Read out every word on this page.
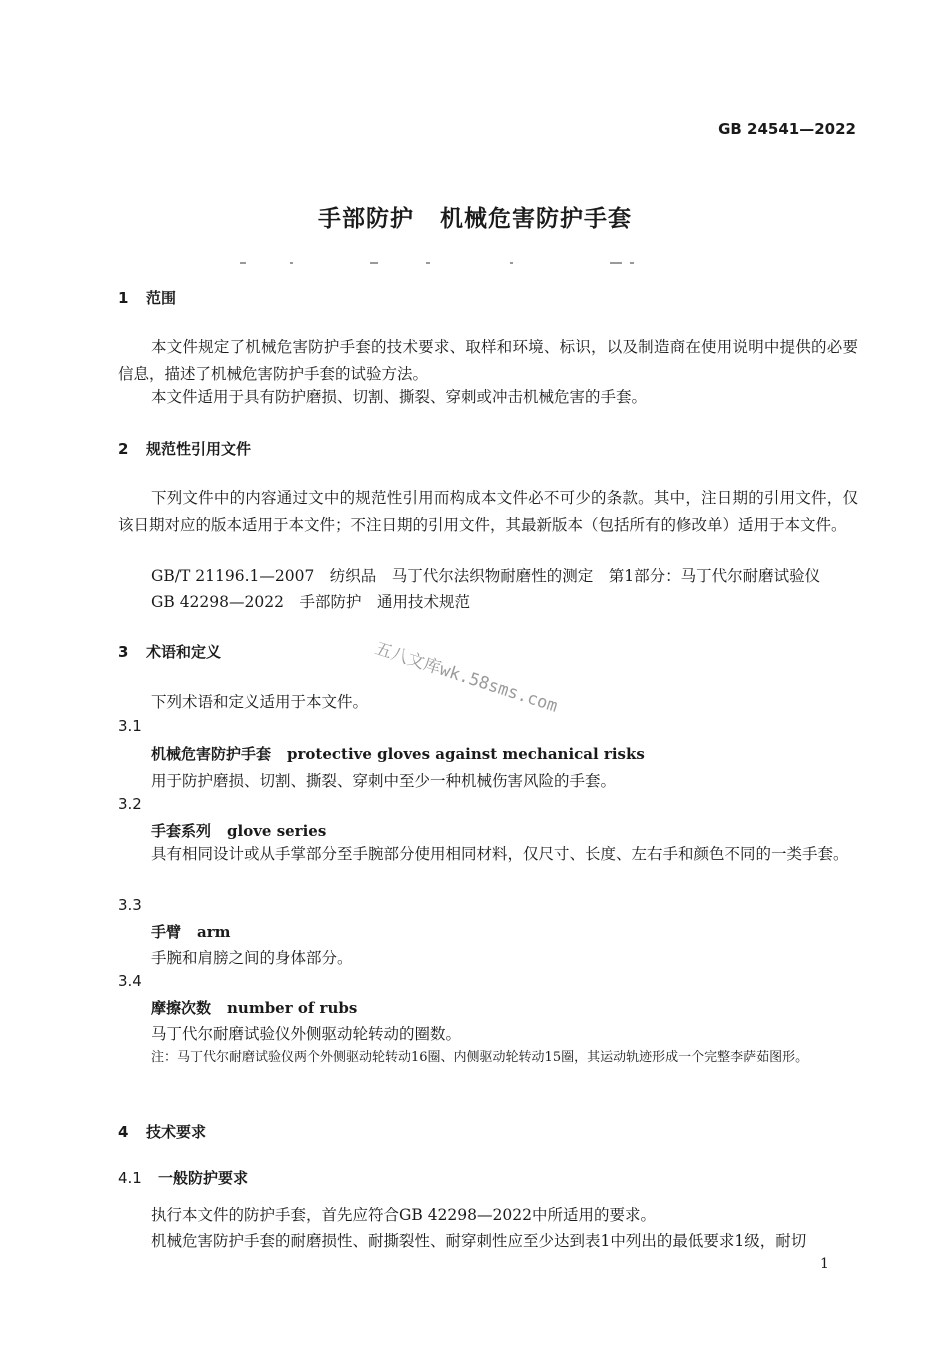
GB 24541—2022
手部防护 机械危害防护手套
1 范围
本文件规定了机械危害防护手套的技术要求、取样和环境、标识，以及制造商在使用说明中提供的必要信息，描述了机械危害防护手套的试验方法。
本文件适用于具有防护磨损、切割、撕裂、穿刺或冲击机械危害的手套。
2 规范性引用文件
下列文件中的内容通过文中的规范性引用而构成本文件必不可少的条款。其中，注日期的引用文件，仅该日期对应的版本适用于本文件；不注日期的引用文件，其最新版本（包括所有的修改单）适用于本文件。
GB/T 21196.1—2007　纺织品　马丁代尔法织物耐磨性的测定　第1部分：马丁代尔耐磨试验仪
GB 42298—2022　手部防护　通用技术规范
3 术语和定义
下列术语和定义适用于本文件。
3.1
机械危害防护手套 protective gloves against mechanical risks
用于防护磨损、切割、撕裂、穿刺中至少一种机械伤害风险的手套。
3.2
手套系列 glove series
具有相同设计或从手掌部分至手腕部分使用相同材料，仅尺寸、长度、左右手和颜色不同的一类手套。
3.3
手臂 arm
手腕和肩膀之间的身体部分。
3.4
摩擦次数 number of rubs
马丁代尔耐磨试验仪外侧驱动轮转动的圈数。
注：马丁代尔耐磨试验仪两个外侧驱动轮转动16圈、内侧驱动轮转动15圈，其运动轨迹形成一个完整李萨茹图形。
4 技术要求
4.1 一般防护要求
执行本文件的防护手套，首先应符合GB 42298—2022中所适用的要求。
机械危害防护手套的耐磨损性、耐撕裂性、耐穿刺性应至少达到表1中列出的最低要求1级，耐切
五八文库wk.58sms.com
1
